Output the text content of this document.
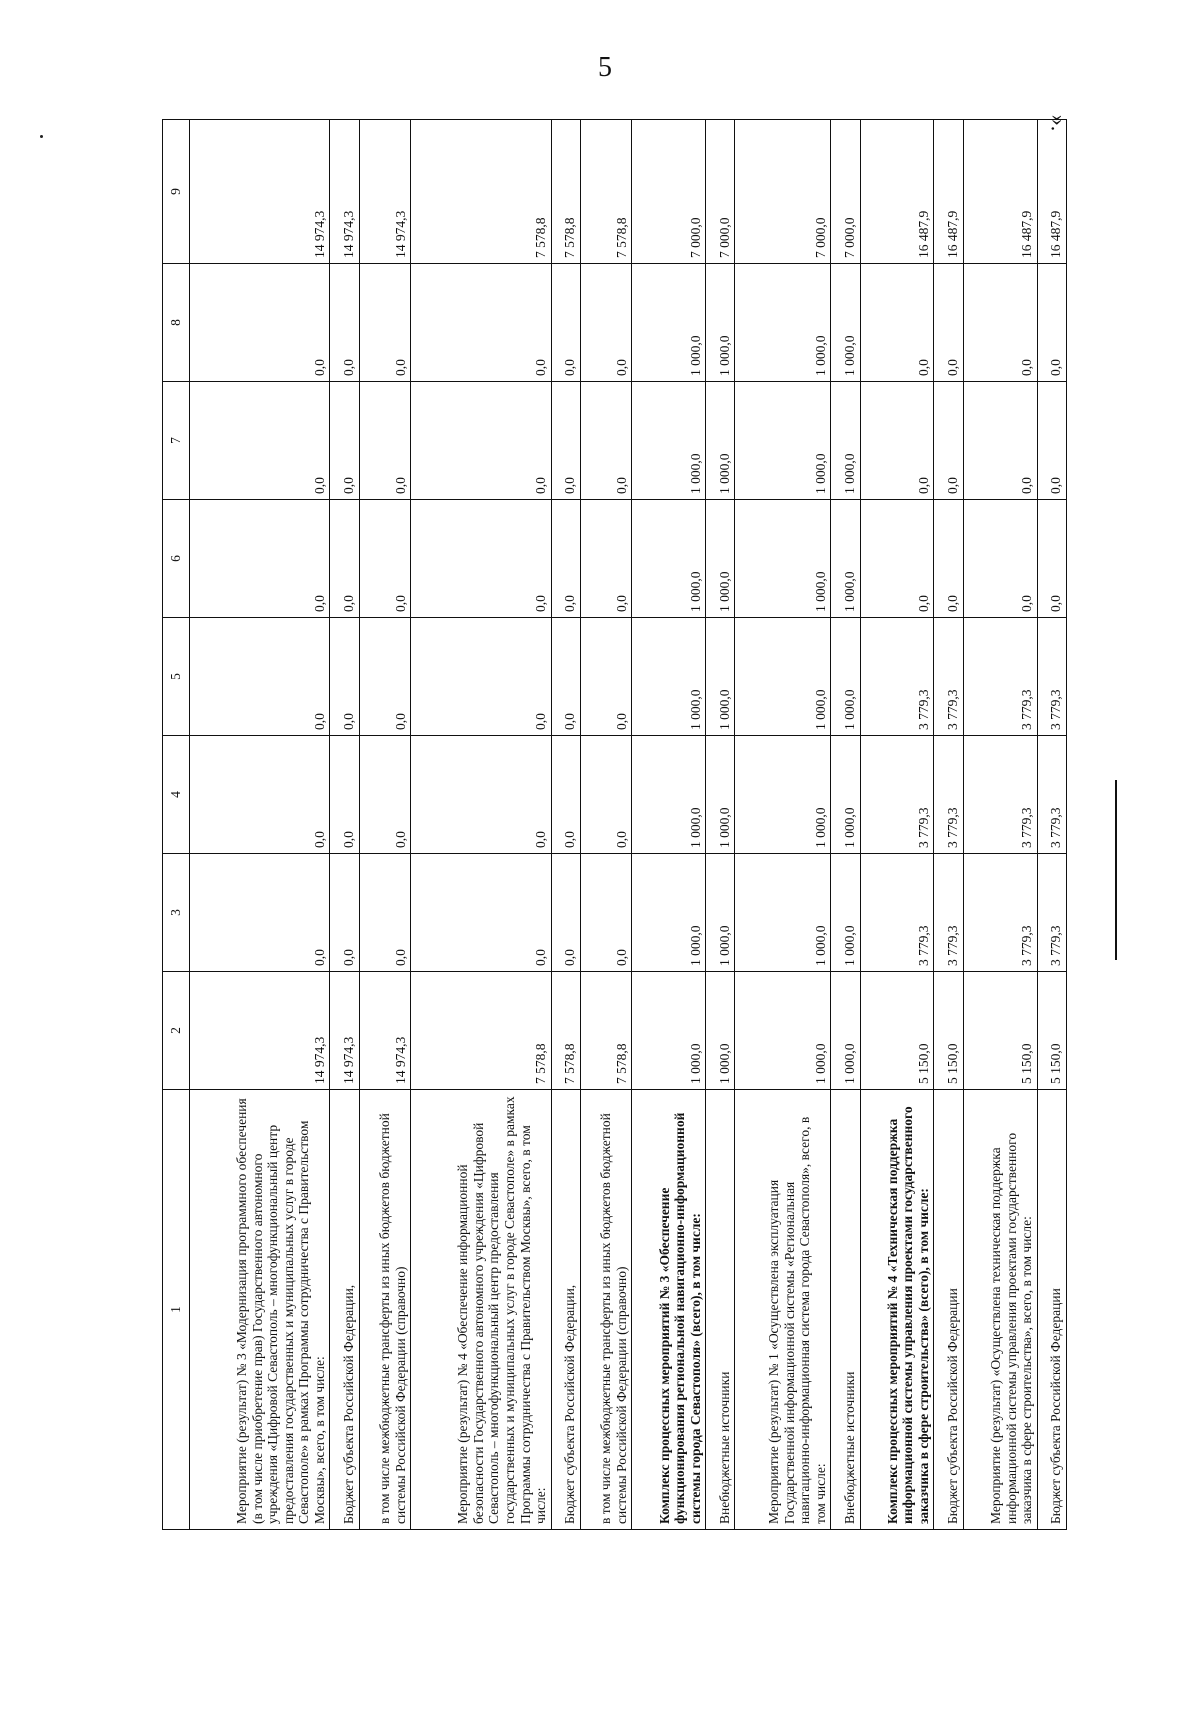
5
».
1	2	3	4	5	6	7	8	9
Мероприятие (результат) № 3 «Модернизация программного обеспечения (в том числе приобретение прав) Государственного автономного учреждения «Цифровой Севастополь – многофункциональный центр предоставления государственных и муниципальных услуг в городе Севастополе» в рамках Программы сотрудничества с Правительством Москвы», всего, в том числе:	14 974,3	0,0	0,0	0,0	0,0	0,0	0,0	14 974,3
Бюджет субъекта Российской Федерации,	14 974,3	0,0	0,0	0,0	0,0	0,0	0,0	14 974,3
в том числе межбюджетные трансферты из иных бюджетов бюджетной системы Российской Федерации (справочно)	14 974,3	0,0	0,0	0,0	0,0	0,0	0,0	14 974,3
Мероприятие (результат) № 4 «Обеспечение информационной безопасности Государственного автономного учреждения «Цифровой Севастополь – многофункциональный центр предоставления государственных и муниципальных услуг в городе Севастополе» в рамках Программы сотрудничества с Правительством Москвы», всего, в том числе:	7 578,8	0,0	0,0	0,0	0,0	0,0	0,0	7 578,8
Бюджет субъекта Российской Федерации,	7 578,8	0,0	0,0	0,0	0,0	0,0	0,0	7 578,8
в том числе межбюджетные трансферты из иных бюджетов бюджетной системы Российской Федерации (справочно)	7 578,8	0,0	0,0	0,0	0,0	0,0	0,0	7 578,8
Комплекс процессных мероприятий № 3 «Обеспечение функционирования региональной навигационно-информационной системы города Севастополя» (всего), в том числе:	1 000,0	1 000,0	1 000,0	1 000,0	1 000,0	1 000,0	1 000,0	7 000,0
Внебюджетные источники	1 000,0	1 000,0	1 000,0	1 000,0	1 000,0	1 000,0	1 000,0	7 000,0
Мероприятие (результат) № 1 «Осуществлена эксплуатация Государственной информационной системы «Региональная навигационно-информационная система города Севастополя», всего, в том числе:	1 000,0	1 000,0	1 000,0	1 000,0	1 000,0	1 000,0	1 000,0	7 000,0
Внебюджетные источники	1 000,0	1 000,0	1 000,0	1 000,0	1 000,0	1 000,0	1 000,0	7 000,0
Комплекс процессных мероприятий № 4 «Техническая поддержка информационной системы управления проектами государственного заказчика в сфере строительства» (всего), в том числе:	5 150,0	3 779,3	3 779,3	3 779,3	0,0	0,0	0,0	16 487,9
Бюджет субъекта Российской Федерации	5 150,0	3 779,3	3 779,3	3 779,3	0,0	0,0	0,0	16 487,9
Мероприятие (результат) «Осуществлена техническая поддержка информационной системы управления проектами государственного заказчика в сфере строительства», всего, в том числе:	5 150,0	3 779,3	3 779,3	3 779,3	0,0	0,0	0,0	16 487,9
Бюджет субъекта Российской Федерации	5 150,0	3 779,3	3 779,3	3 779,3	0,0	0,0	0,0	16 487,9
